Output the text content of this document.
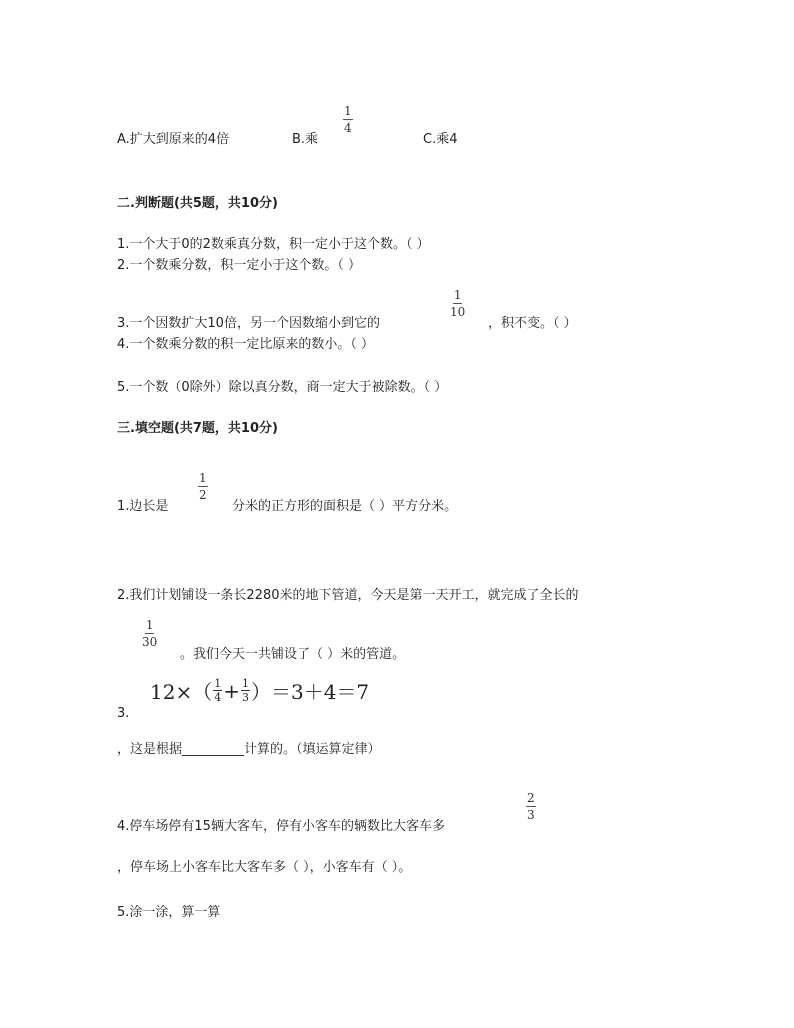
A.扩大到原来的4倍	B.乘
$\frac{1}{4}$
C.乘4
二.判断题(共5题，共10分)
1.一个大于0的2数乘真分数，积一定小于这个数。（ ）
2.一个数乘分数，积一定小于这个数。（ ）
3.一个因数扩大10倍，另一个因数缩小到它的
$\frac{1}{10}$
，积不变。（ ）
4.一个数乘分数的积一定比原来的数小。（ ）
5.一个数（0除外）除以真分数，商一定大于被除数。（ ）
三.填空题(共7题，共10分)
1.边长是
$\frac{1}{2}$
分米的正方形的面积是（ ）平方分米。
2.我们计划铺设一条长2280米的地下管道，今天是第一天开工，就完成了全长的
$\frac{1}{30}$
。我们今天一共铺设了（ ）米的管道。
$12\times( \frac{1}{4} + \frac{1}{3} )=3+4=7$
3.
，这是根据	计算的。（填运算定律）
4.停车场停有15辆大客车，停有小客车的辆数比大客车多
$\frac{2}{3}$
，停车场上小客车比大客车多（ ），小客车有（ ）。
5.涂一涂，算一算
